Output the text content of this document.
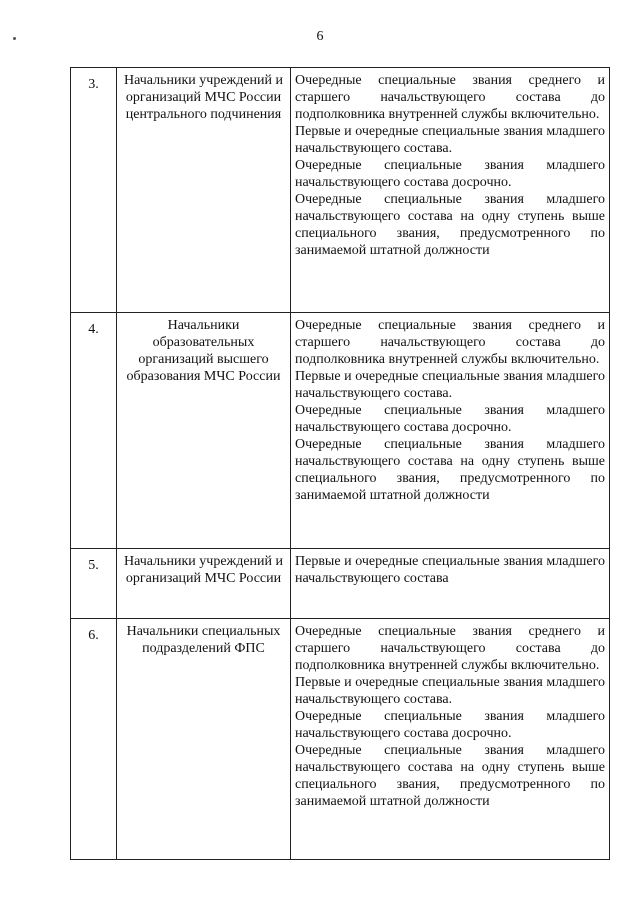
6
3.	Начальники учреждений и организаций МЧС России центрального подчинения	Очередные специальные звания среднего и старшего начальствующего состава до подполковника внутренней службы включительно.

Первые и очередные специальные звания младшего начальствующего состава.

Очередные специальные звания младшего начальствующего состава досрочно.

Очередные специальные звания младшего начальствующего состава на одну ступень выше специального звания, предусмотренного по занимаемой штатной должности

4.	Начальники образовательных организаций высшего образования МЧС России	Очередные специальные звания среднего и старшего начальствующего состава до подполковника внутренней службы включительно.

Первые и очередные специальные звания младшего начальствующего состава.

Очередные специальные звания младшего начальствующего состава досрочно.

Очередные специальные звания младшего начальствующего состава на одну ступень выше специального звания, предусмотренного по занимаемой штатной должности

5.	Начальники учреждений и организаций МЧС России	Первые и очередные специальные звания младшего начальствующего состава

6.	Начальники специальных подразделений ФПС	Очередные специальные звания среднего и старшего начальствующего состава до подполковника внутренней службы включительно.

Первые и очередные специальные звания младшего начальствующего состава.

Очередные специальные звания младшего начальствующего состава досрочно.

Очередные специальные звания младшего начальствующего состава на одну ступень выше специального звания, предусмотренного по занимаемой штатной должности
